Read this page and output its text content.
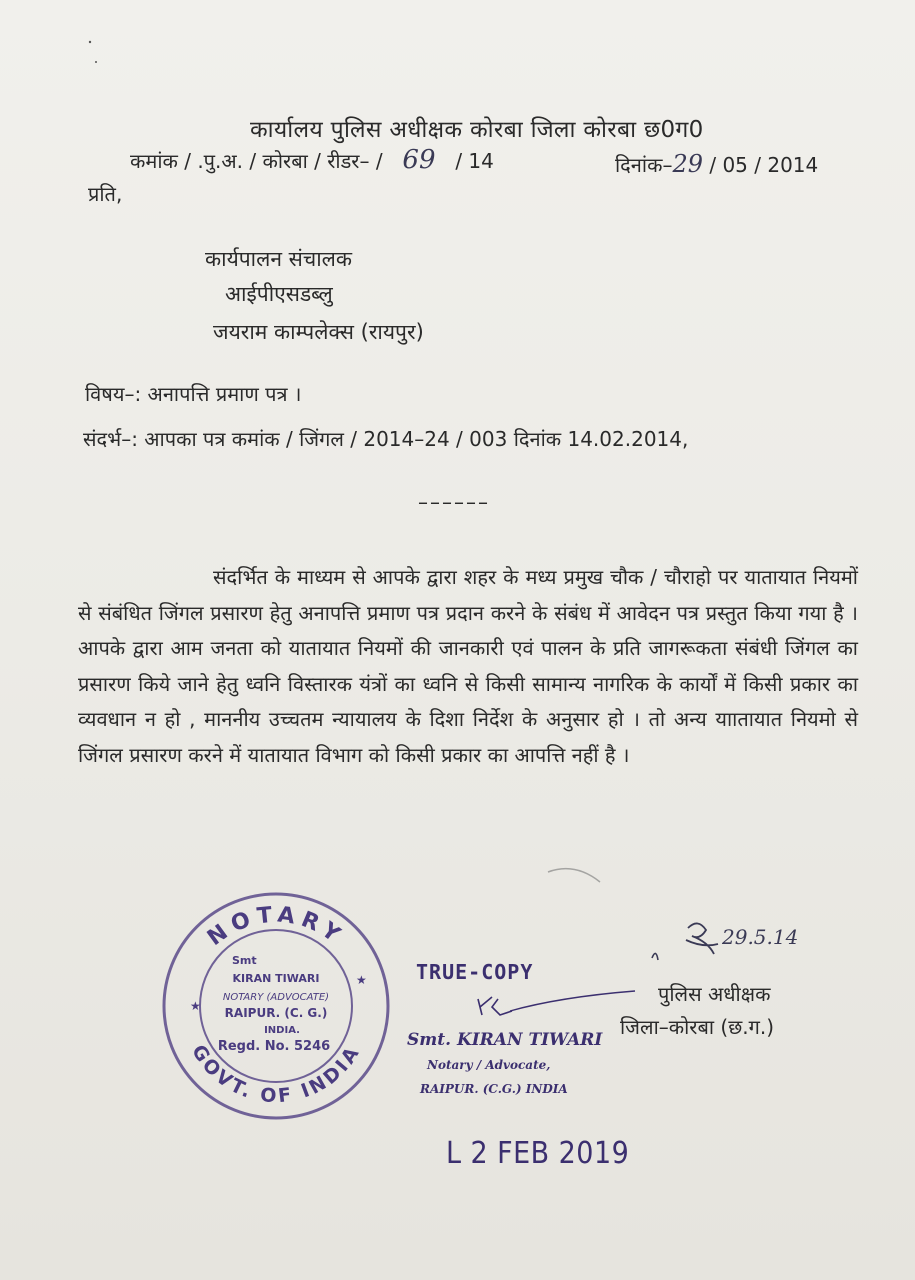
कार्यालय पुलिस अधीक्षक कोरबा जिला कोरबा छ0ग0
कमांक / .पु.अ. / कोरबा / रीडर– / 69 / 14	दिनांक–29 / 05 / 2014
प्रति,
कार्यपालन संचालक
आईपीएसडब्लु
जयराम काम्पलेक्स (रायपुर)
विषय–: अनापत्ति प्रमाण पत्र ।
संदर्भ–: आपका पत्र कमांक / जिंगल / 2014–24 / 003 दिनांक 14.02.2014,
––––––
संदर्भित के माध्यम से आपके द्वारा शहर के मध्य प्रमुख चौक / चौराहो पर यातायात नियमों से संबंधित जिंगल प्रसारण हेतु अनापत्ति प्रमाण पत्र प्रदान करने के संबंध में आवेदन पत्र प्रस्तुत किया गया है । आपके द्वारा आम जनता को यातायात नियमों की जानकारी एवं पालन के प्रति जागरूकता संबंधी जिंगल का प्रसारण किये जाने हेतु ध्वनि विस्तारक यंत्रों का ध्वनि से किसी सामान्य नागरिक के कार्यों में किसी प्रकार का व्यवधान न हो , माननीय उच्चतम न्यायालय के दिशा निर्देश के अनुसार हो । तो अन्य याातायात नियमो से जिंगल प्रसारण करने में यातायात विभाग को किसी प्रकार का आपत्ति नहीं है ।
NOTARY
GOVT. OF INDIA
Smt
KIRAN TIWARI
NOTARY (ADVOCATE)
RAIPUR. (C. G.)
INDIA.
Regd. No. 5246
★
★ TRUE-COPY
Smt. KIRAN TIWARI
Notary / Advocate,
RAIPUR. (C.G.) INDIA
L 2 FEB 2019
29.5.14
पुलिस अधीक्षक
जिला–कोरबा (छ.ग.)
